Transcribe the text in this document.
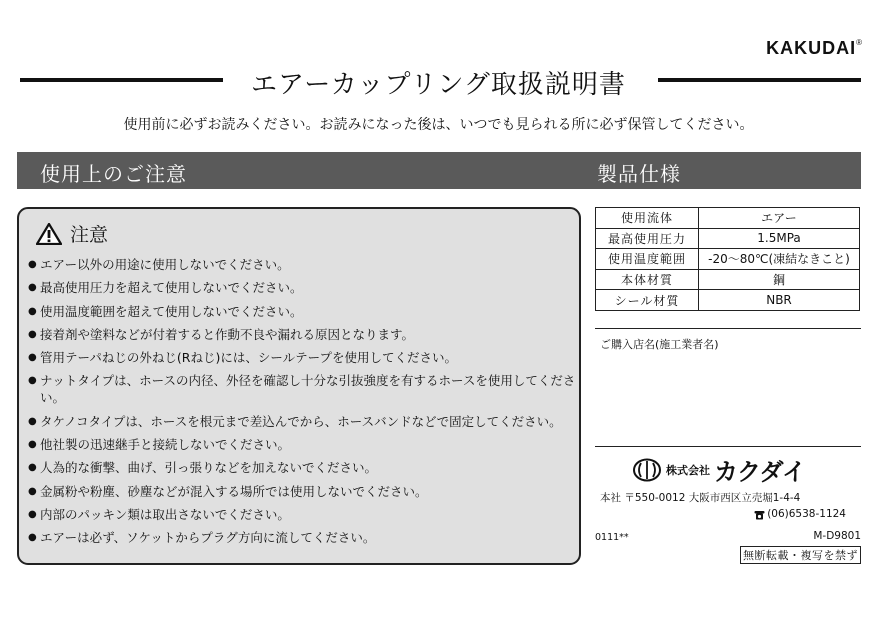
KAKUDAI®
エアーカップリング取扱説明書
使用前に必ずお読みください。お読みになった後は、いつでも見られる所に必ず保管してください。
使用上のご注意	製品仕様
注意
● エアー以外の用途に使用しないでください。
● 最高使用圧力を超えて使用しないでください。
● 使用温度範囲を超えて使用しないでください。
● 接着剤や塗料などが付着すると作動不良や漏れる原因となります。
● 管用テーパねじの外ねじ(Rねじ)には、シールテープを使用してください。
● ナットタイプは、ホースの内径、外径を確認し十分な引抜強度を有するホースを使用してください。
● タケノコタイプは、ホースを根元まで差込んでから、ホースバンドなどで固定してください。
● 他社製の迅速継手と接続しないでください。
● 人為的な衝撃、曲げ、引っ張りなどを加えないでください。
● 金属粉や粉塵、砂塵などが混入する場所では使用しないでください。
● 内部のパッキン類は取出さないでください。
● エアーは必ず、ソケットからプラグ方向に流してください。
使用流体	エアー
最高使用圧力	1.5MPa
使用温度範囲	-20〜80℃(凍結なきこと)
本体材質	鋼
シール材質	NBR
ご購入店名(施工業者名)
株式会社 カクダイ
本社 〒550-0012 大阪市西区立売堀1-4-4
(06)6538-1124
0111**	M-D9801
無断転載・複写を禁ず
